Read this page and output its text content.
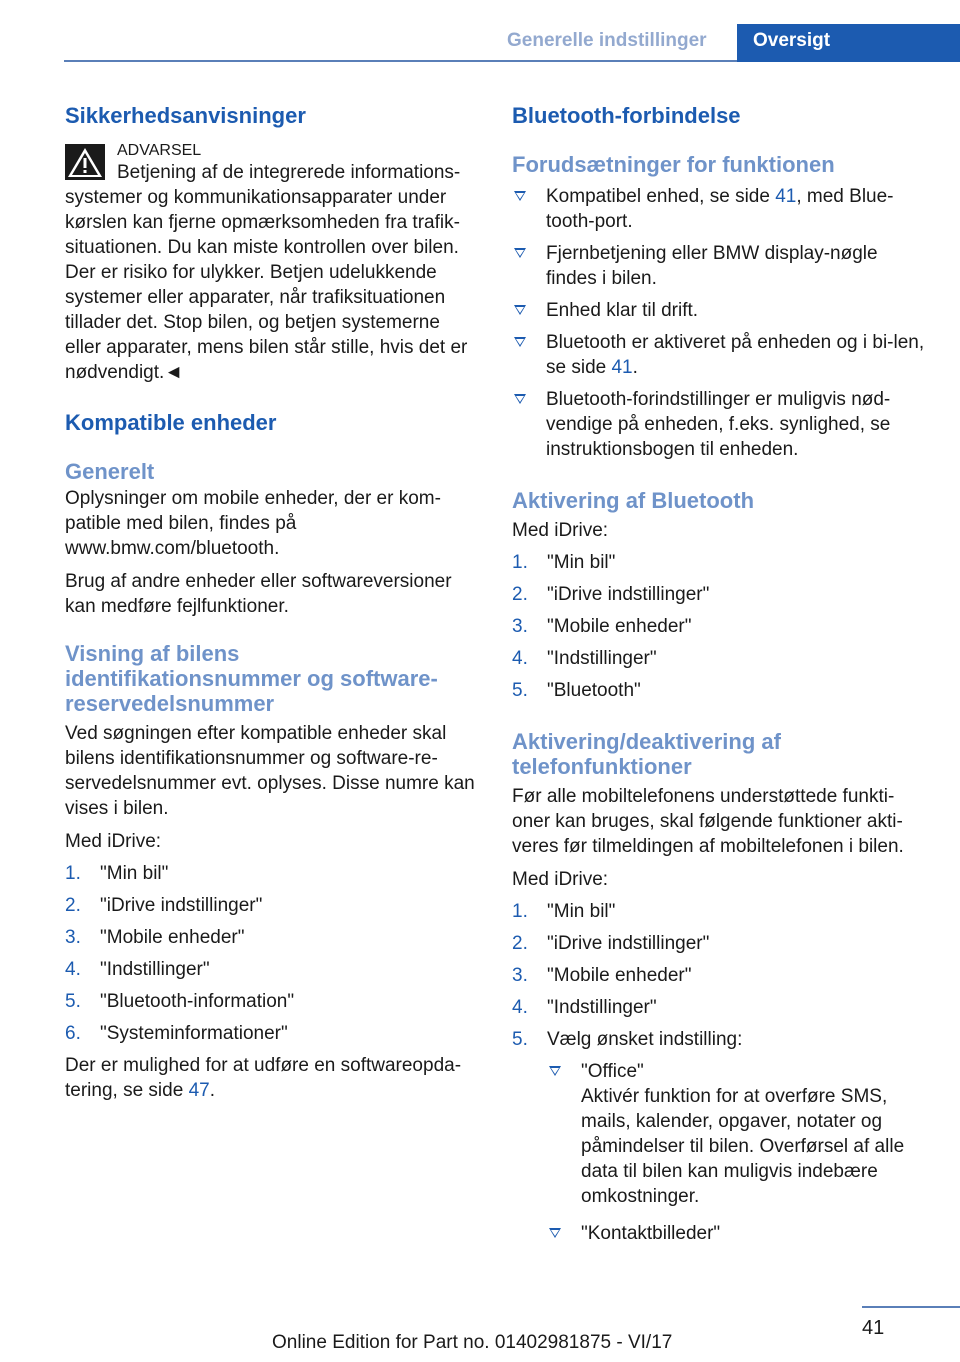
Generelle indstillinger Oversigt
Sikkerhedsanvisninger
ADVARSEL

Betjening af de integrerede informations-systemer og kommunikationsapparater under kørslen kan fjerne opmærksomheden fra trafik-situationen. Du kan miste kontrollen over bilen. Der er risiko for ulykker. Betjen udelukkende systemer eller apparater, når trafiksituationen tillader det. Stop bilen, og betjen systemerne eller apparater, mens bilen står stille, hvis det er nødvendigt.◄

Kompatible enheder
Generelt

Oplysninger om mobile enheder, der er kom-patible med bilen, findes på www.bmw.com/bluetooth.

Brug af andre enheder eller softwareversioner kan medføre fejlfunktioner.

Visning af bilens identifikationsnummer og software-reservedelsnummer

Ved søgningen efter kompatible enheder skal bilens identifikationsnummer og software-re-servedelsnummer evt. oplyses. Disse numre kan vises i bilen.

Med iDrive:

1. "Min bil"
2. "iDrive indstillinger"
3. "Mobile enheder"
4. "Indstillinger"
5. "Bluetooth-information"
6. "Systeminformationer"

Der er mulighed for at udføre en softwareopda-tering, se side 47.

Bluetooth-forbindelse
Forudsætninger for funktionen
Kompatibel enhed, se side 41, med Blue-tooth-port.
Fjernbetjening eller BMW display-nøgle findes i bilen.
Enhed klar til drift.
Bluetooth er aktiveret på enheden og i bi-len, se side 41.
Bluetooth-forindstillinger er muligvis nød-vendige på enheden, f.eks. synlighed, se instruktionsbogen til enheden.
Aktivering af Bluetooth

Med iDrive:

1. "Min bil"
2. "iDrive indstillinger"
3. "Mobile enheder"
4. "Indstillinger"
5. "Bluetooth"
Aktivering/deaktivering af telefonfunktioner

Før alle mobiltelefonens understøttede funkti-oner kan bruges, skal følgende funktioner akti-veres før tilmeldingen af mobiltelefonen i bilen.

Med iDrive:

1. "Min bil"
2. "iDrive indstillinger"
3. "Mobile enheder"
4. "Indstillinger"
5. Vælg ønsket indstilling:
"Office"
Aktivér funktion for at overføre SMS, mails, kalender, opgaver, notater og påmindelser til bilen. Overførsel af alle data til bilen kan muligvis indebære omkostninger.
"Kontaktbilleder"
41
Online Edition for Part no. 01402981875 - VI/17
